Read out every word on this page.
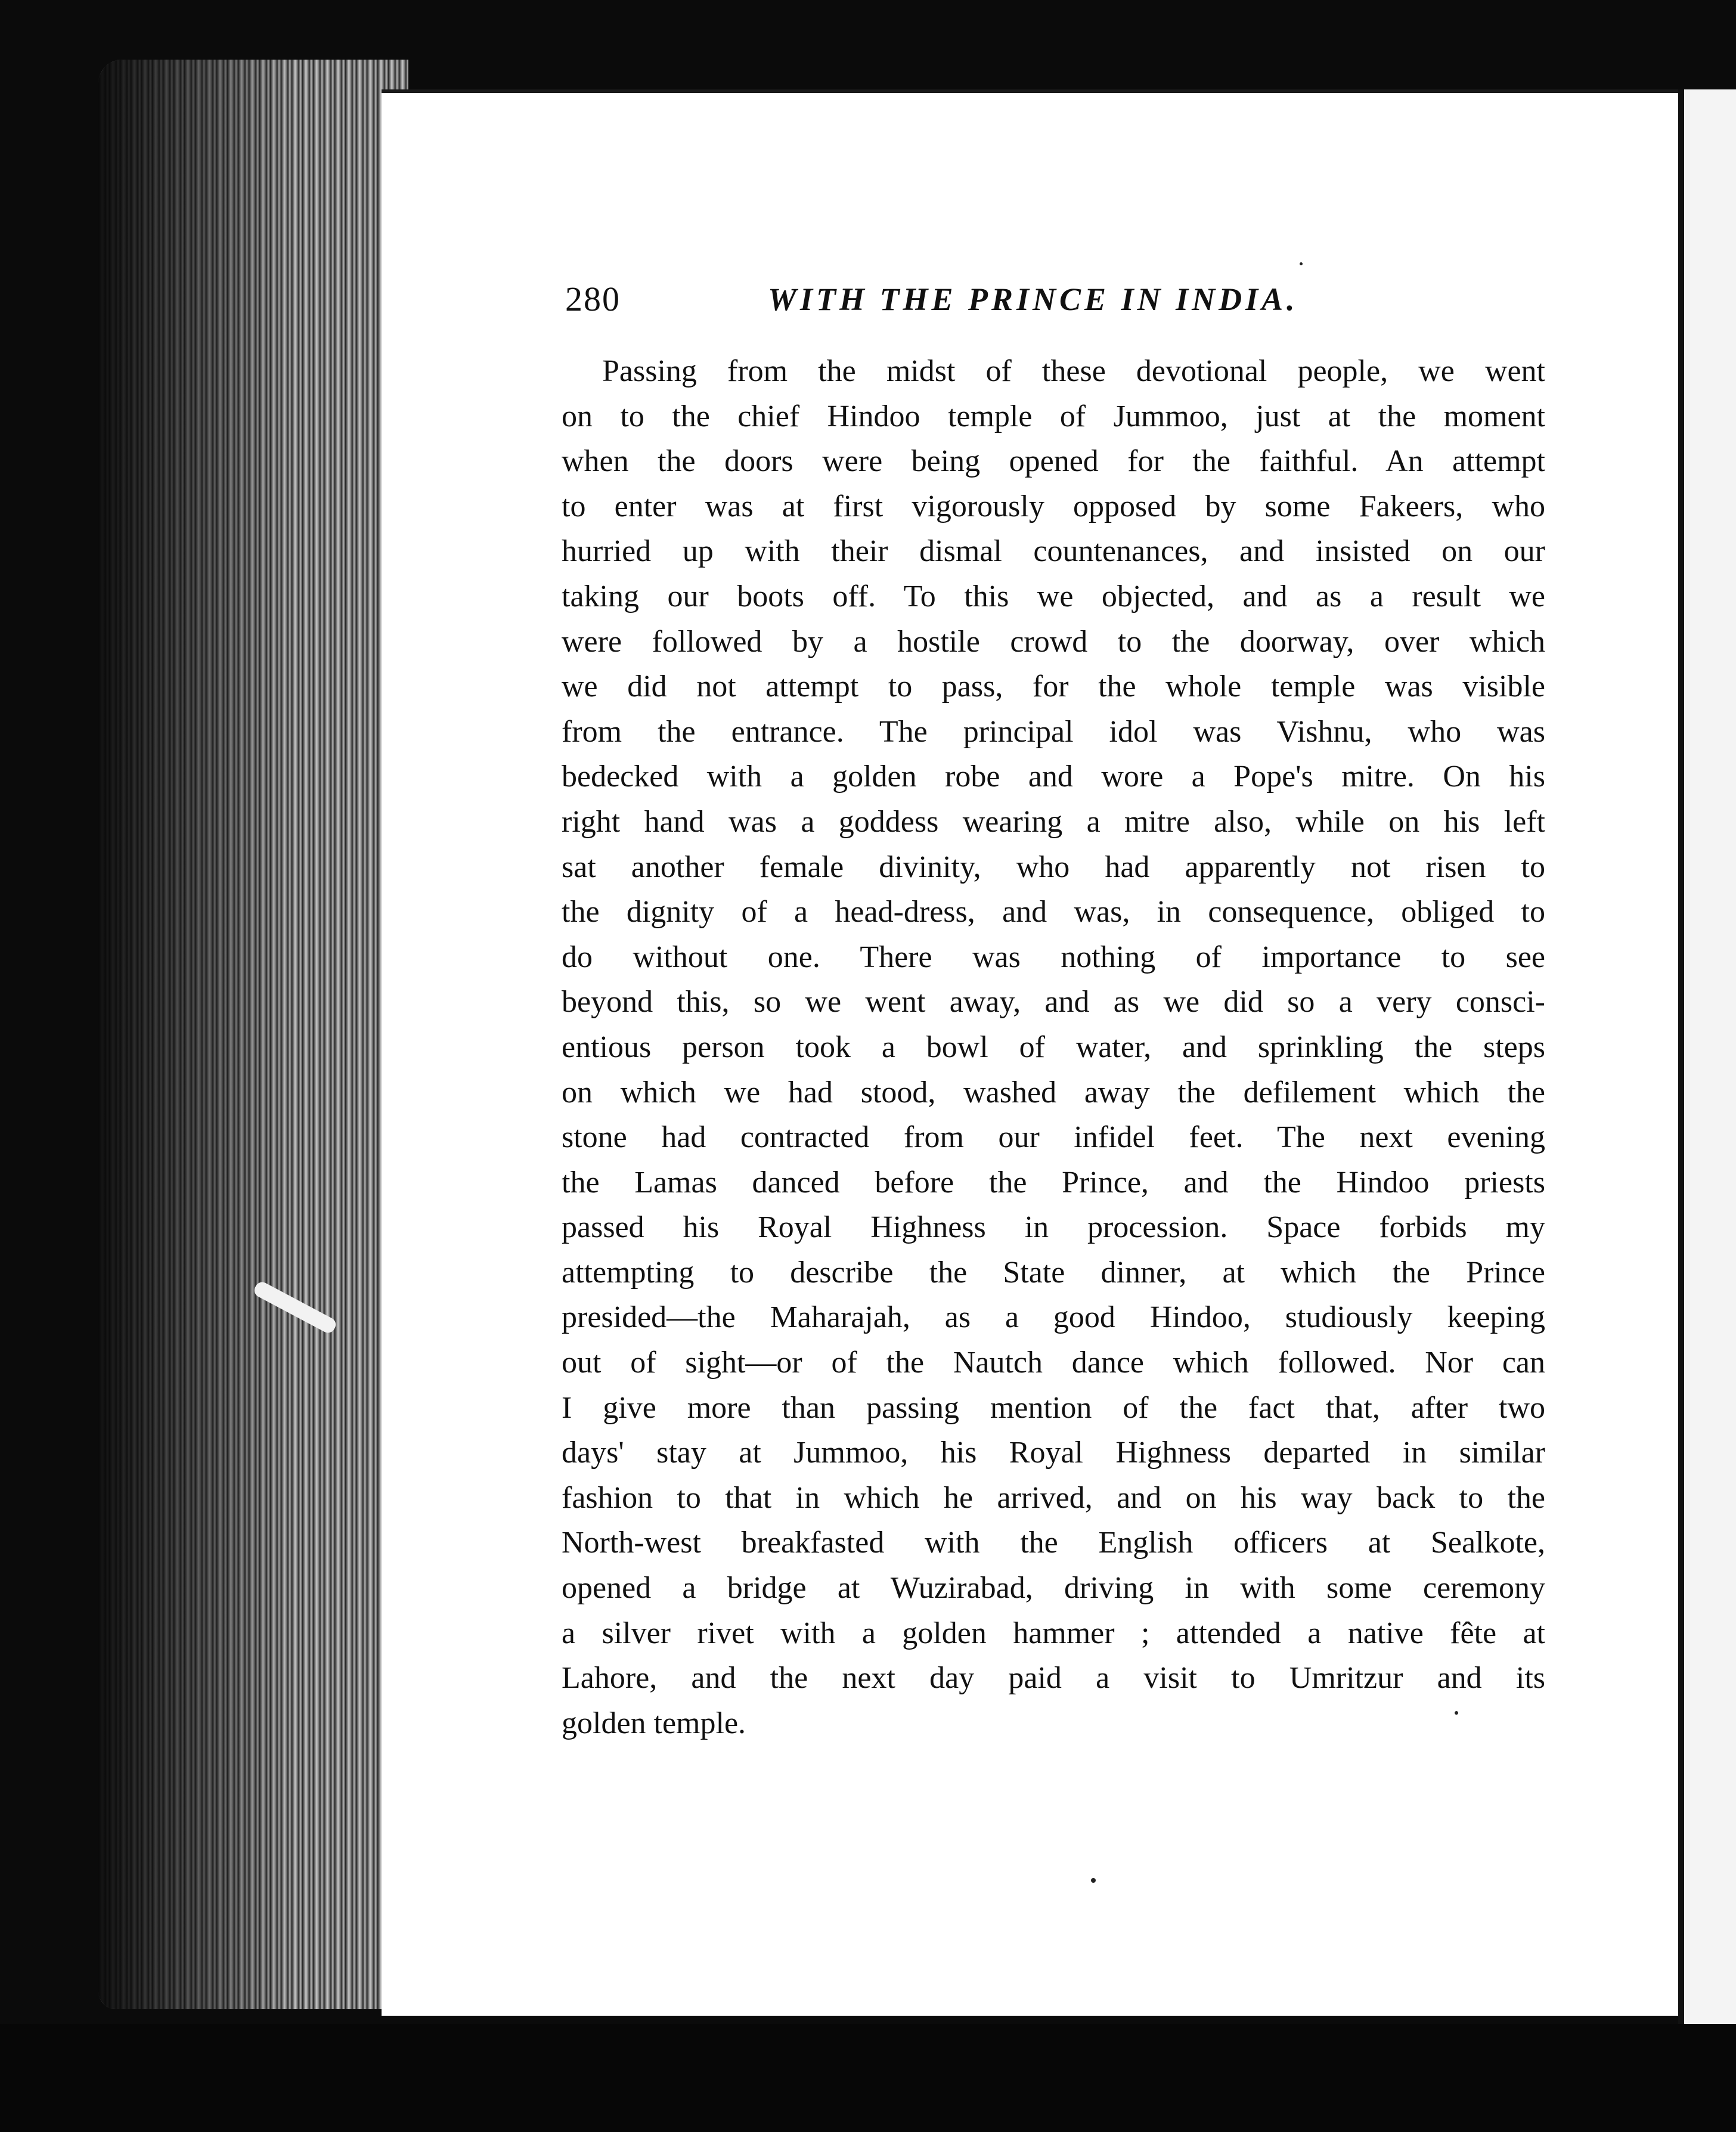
280	WITH THE PRINCE IN INDIA.
Passing from the midst of these devotional people, we went
on to the chief Hindoo temple of Jummoo, just at the moment
when the doors were being opened for the faithful. An attempt
to enter was at first vigorously opposed by some Fakeers, who
hurried up with their dismal countenances, and insisted on our
taking our boots off. To this we objected, and as a result we
were followed by a hostile crowd to the doorway, over which
we did not attempt to pass, for the whole temple was visible
from the entrance. The principal idol was Vishnu, who was
bedecked with a golden robe and wore a Pope's mitre. On his
right hand was a goddess wearing a mitre also, while on his left
sat another female divinity, who had apparently not risen to
the dignity of a head-dress, and was, in consequence, obliged to
do without one. There was nothing of importance to see
beyond this, so we went away, and as we did so a very consci-
entious person took a bowl of water, and sprinkling the steps
on which we had stood, washed away the defilement which the
stone had contracted from our infidel feet. The next evening
the Lamas danced before the Prince, and the Hindoo priests
passed his Royal Highness in procession. Space forbids my
attempting to describe the State dinner, at which the Prince
presided—the Maharajah, as a good Hindoo, studiously keeping
out of sight—or of the Nautch dance which followed. Nor can
I give more than passing mention of the fact that, after two
days' stay at Jummoo, his Royal Highness departed in similar
fashion to that in which he arrived, and on his way back to the
North-west breakfasted with the English officers at Sealkote,
opened a bridge at Wuzirabad, driving in with some ceremony
a silver rivet with a golden hammer ; attended a native fête at
Lahore, and the next day paid a visit to Umritzur and its
golden temple.
